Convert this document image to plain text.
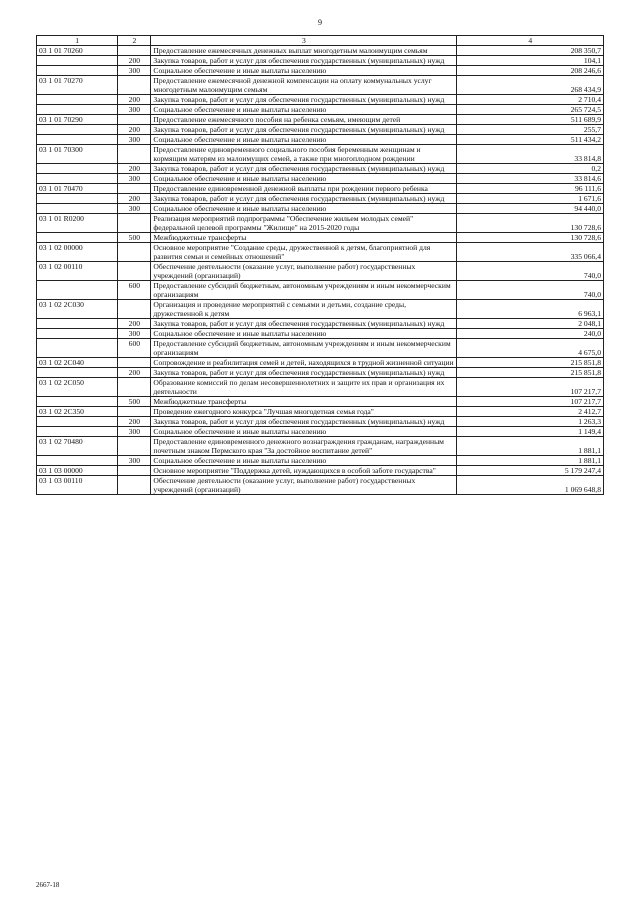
9
1	2	3	4
03 1 01 70260		Предоставление ежемесячных денежных выплат многодетным малоимущим семьям	208 350,7
	200	Закупка товаров, работ и услуг для обеспечения государственных (муниципальных) нужд	104,1
	300	Социальное обеспечение и иные выплаты населению	208 246,6
03 1 01 70270		Предоставление ежемесячной денежной компенсации на оплату коммунальных услуг многодетным малоимущим семьям	268 434,9
	200	Закупка товаров, работ и услуг для обеспечения государственных (муниципальных) нужд	2 710,4
	300	Социальное обеспечение и иные выплаты населению	265 724,5
03 1 01 70290		Предоставление ежемесячного пособия на ребенка семьям, имеющим детей	511 689,9
	200	Закупка товаров, работ и услуг для обеспечения государственных (муниципальных) нужд	255,7
	300	Социальное обеспечение и иные выплаты населению	511 434,2
03 1 01 70300		Предоставление единовременного социального пособия беременным женщинам и кормящим матерям из малоимущих семей, а также при многоплодном рождении	33 814,8
	200	Закупка товаров, работ и услуг для обеспечения государственных (муниципальных) нужд	0,2
	300	Социальное обеспечение и иные выплаты населению	33 814,6
03 1 01 70470		Предоставление единовременной денежной выплаты при рождении первого ребенка	96 111,6
	200	Закупка товаров, работ и услуг для обеспечения государственных (муниципальных) нужд	1 671,6
	300	Социальное обеспечение и иные выплаты населению	94 440,0
03 1 01 R0200		Реализация мероприятий подпрограммы "Обеспечение жильем молодых семей" федеральной целевой программы "Жилище" на 2015-2020 годы	130 728,6
	500	Межбюджетные трансферты	130 728,6
03 1 02 00000		Основное мероприятие "Создание среды, дружественной к детям, благоприятной для развития семьи и семейных отношений"	335 066,4
03 1 02 00110		Обеспечение деятельности (оказание услуг, выполнение работ) государственных учреждений (организаций)	740,0
	600	Предоставление субсидий бюджетным, автономным учреждениям и иным некоммерческим организациям	740,0
03 1 02 2С030		Организация и проведение мероприятий с семьями и детьми, создание среды, дружественной к детям	6 963,1
	200	Закупка товаров, работ и услуг для обеспечения государственных (муниципальных) нужд	2 048,1
	300	Социальное обеспечение и иные выплаты населению	240,0
	600	Предоставление субсидий бюджетным, автономным учреждениям и иным некоммерческим организациям	4 675,0
03 1 02 2С040		Сопровождение и реабилитация семей и детей, находящихся в трудной жизненной ситуации	215 851,8
	200	Закупка товаров, работ и услуг для обеспечения государственных (муниципальных) нужд	215 851,8
03 1 02 2С050		Образование комиссий по делам несовершеннолетних и защите их прав и организация их деятельности	107 217,7
	500	Межбюджетные трансферты	107 217,7
03 1 02 2С350		Проведение ежегодного конкурса "Лучшая многодетная семья года"	2 412,7
	200	Закупка товаров, работ и услуг для обеспечения государственных (муниципальных) нужд	1 263,3
	300	Социальное обеспечение и иные выплаты населению	1 149,4
03 1 02 70480		Предоставление единовременного денежного вознаграждения гражданам, награжденным почетным знаком Пермского края "За достойное воспитание детей"	1 881,1
	300	Социальное обеспечение и иные выплаты населению	1 881,1
03 1 03 00000		Основное мероприятие "Поддержка детей, нуждающихся в особой заботе государства"	5 179 247,4
03 1 03 00110		Обеспечение деятельности (оказание услуг, выполнение работ) государственных учреждений (организаций)	1 069 648,8
2667-18
